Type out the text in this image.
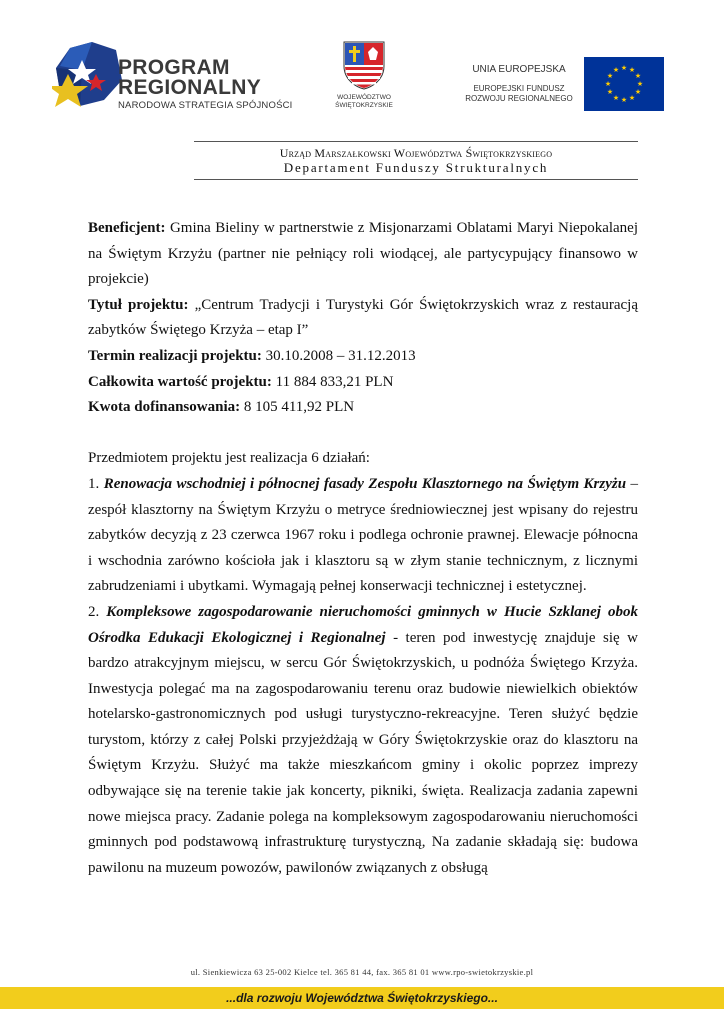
PROGRAM
REGIONALNY
NARODOWA STRATEGIA SPÓJNOŚCI
WOJEWÓDZTWO
ŚWIĘTOKRZYSKIE
UNIA EUROPEJSKA
EUROPEJSKI FUNDUSZ
ROZWOJU REGIONALNEGO
★ ★
★
★
★
★
★
★
★
★
★
★
Urząd Marszałkowski Województwa Świętokrzyskiego
Departament Funduszy Strukturalnych

Beneficjent: Gmina Bieliny w partnerstwie z Misjonarzami Oblatami Maryi Niepokalanej na Świętym Krzyżu (partner nie pełniący roli wiodącej, ale partycypujący finansowo w projekcie)

Tytuł projektu: „Centrum Tradycji i Turystyki Gór Świętokrzyskich wraz z restauracją zabytków Świętego Krzyża – etap I”

Termin realizacji projektu: 30.10.2008 – 31.12.2013

Całkowita wartość projektu: 11 884 833,21 PLN

Kwota dofinansowania: 8 105 411,92 PLN

Przedmiotem projektu jest realizacja 6 działań:

1. Renowacja wschodniej i północnej fasady Zespołu Klasztornego na Świętym Krzyżu – zespół klasztorny na Świętym Krzyżu o metryce średniowiecznej jest wpisany do rejestru zabytków decyzją z 23 czerwca 1967 roku i podlega ochronie prawnej. Elewacje północna i wschodnia zarówno kościoła jak i klasztoru są w złym stanie technicznym, z licznymi zabrudzeniami i ubytkami. Wymagają pełnej konserwacji technicznej i estetycznej.

2. Kompleksowe zagospodarowanie nieruchomości gminnych w Hucie Szklanej obok Ośrodka Edukacji Ekologicznej i Regionalnej - teren pod inwestycję znajduje się w bardzo atrakcyjnym miejscu, w sercu Gór Świętokrzyskich, u podnóża Świętego Krzyża. Inwestycja polegać ma na zagospodarowaniu terenu oraz budowie niewielkich obiektów hotelarsko-gastronomicznych pod usługi turystyczno-rekreacyjne. Teren służyć będzie turystom, którzy z całej Polski przyjeżdżają w Góry Świętokrzyskie oraz do klasztoru na Świętym Krzyżu. Służyć ma także mieszkańcom gminy i okolic poprzez imprezy odbywające się na terenie takie jak koncerty, pikniki, święta. Realizacja zadania zapewni nowe miejsca pracy. Zadanie polega na kompleksowym zagospodarowaniu nieruchomości gminnych pod podstawową infrastrukturę turystyczną, Na zadanie składają się: budowa pawilonu na muzeum powozów, pawilonów związanych z obsługą

ul. Sienkiewicza 63 25-002 Kielce tel. 365 81 44, fax. 365 81 01 www.rpo-swietokrzyskie.pl
...dla rozwoju Województwa Świętokrzyskiego...
